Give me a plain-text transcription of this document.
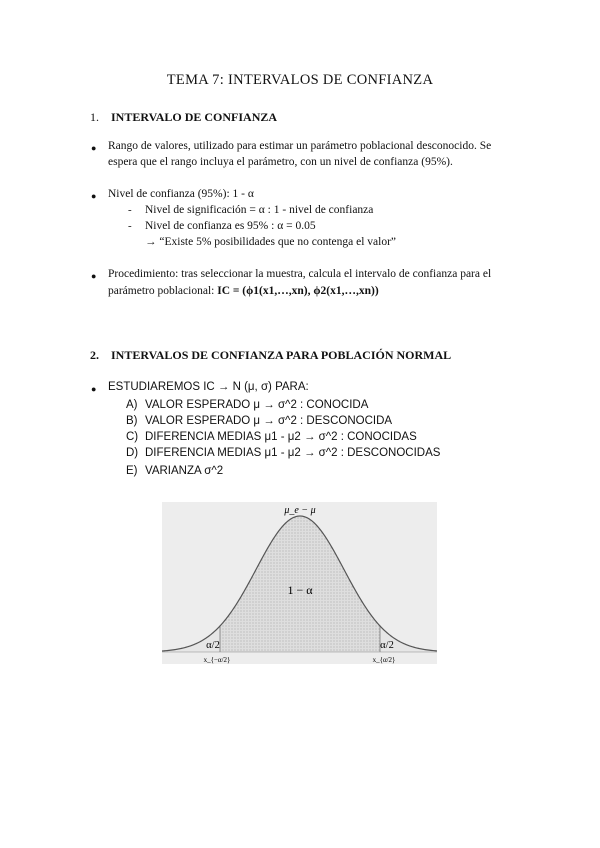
TEMA 7: INTERVALOS DE CONFIANZA
1. INTERVALO DE CONFIANZA
● Rango de valores, utilizado para estimar un parámetro poblacional desconocido. Se
espera que el rango incluya el parámetro, con un nivel de confianza (95%).
● Nivel de confianza (95%): 1 - α
- Nivel de significación = α : 1 - nivel de confianza
- Nivel de confianza es 95% : α = 0.05
→ “Existe 5% posibilidades que no contenga el valor”
● Procedimiento: tras seleccionar la muestra, calcula el intervalo de confianza para el
parámetro poblacional: IC = (ϕ1(x1,…,xn), ϕ2(x1,…,xn))
2. INTERVALOS DE CONFIANZA PARA POBLACIÓN NORMAL
● ESTUDIAREMOS IC → N (μ, σ) PARA:
A) VALOR ESPERADO μ → σ^2 : CONOCIDA
B) VALOR ESPERADO μ → σ^2 : DESCONOCIDA
C) DIFERENCIA MEDIAS μ1 - μ2 → σ^2 : CONOCIDAS
D) DIFERENCIA MEDIAS μ1 - μ2 → σ^2 : DESCONOCIDAS
E) VARIANZA σ^2
μ_e − μ
1 − α
α/2	α/2
x_{−α/2}	x_{α/2}
